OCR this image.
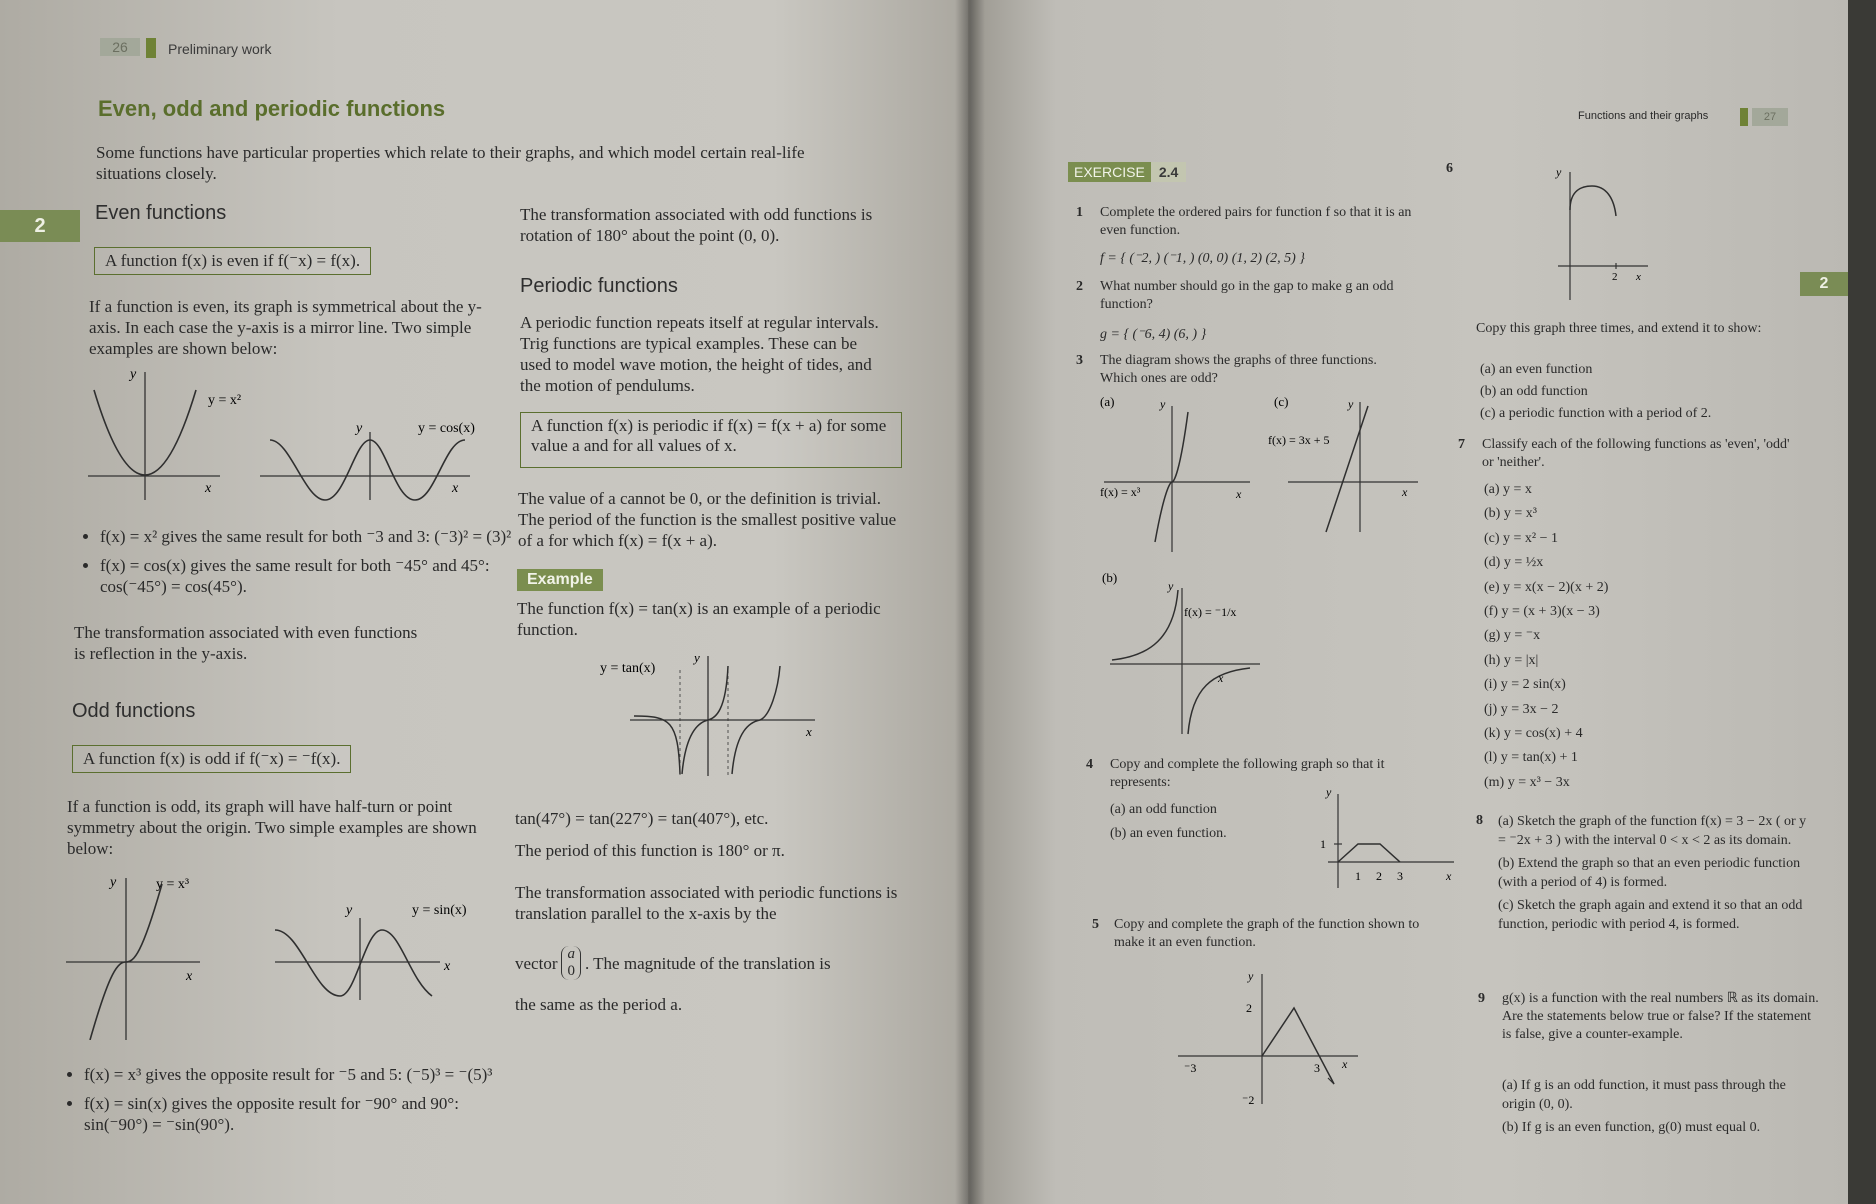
26	Preliminary work
Even, odd and periodic functions
Some functions have particular properties which relate to their graphs, and which model certain real-life situations closely.
2
Even functions
A function f(x) is even if f(⁻x) = f(x).
If a function is even, its graph is symmetrical about the y-axis. In each case the y-axis is a mirror line. Two simple examples are shown below:
y
x
y = x²
y
x
y = cos(x)
• f(x) = x² gives the same result for both ⁻3 and 3: (⁻3)² = (3)²
• f(x) = cos(x) gives the same result for both ⁻45° and 45°: cos(⁻45°) = cos(45°).
The transformation associated with even functions is reflection in the y-axis.
Odd functions
A function f(x) is odd if f(⁻x) = ⁻f(x).
If a function is odd, its graph will have half-turn or point symmetry about the origin. Two simple examples are shown below:
y
x
y = x³
y
x
y = sin(x)
• f(x) = x³ gives the opposite result for ⁻5 and 5: (⁻5)³ = ⁻(5)³
• f(x) = sin(x) gives the opposite result for ⁻90° and 90°: sin(⁻90°) = ⁻sin(90°).
The transformation associated with odd functions is rotation of 180° about the point (0, 0).
Periodic functions
A periodic function repeats itself at regular intervals. Trig functions are typical examples. These can be used to model wave motion, the height of tides, and the motion of pendulums.
A function f(x) is periodic if f(x) = f(x + a) for some value a and for all values of x.
The value of a cannot be 0, or the definition is trivial. The period of the function is the smallest positive value of a for which f(x) = f(x + a).
Example
The function f(x) = tan(x) is an example of a periodic function.
y = tan(x)
y
x
tan(47°) = tan(227°) = tan(407°), etc.
The period of this function is 180° or π.
The transformation associated with periodic functions is translation parallel to the x-axis by the
vector a
0 . The magnitude of the translation is
the same as the period a.
Functions and their graphs	27
2
EXERCISE	2.4
1 Complete the ordered pairs for function f so that it is an even function.
f = { (⁻2, ) (⁻1, ) (0, 0) (1, 2) (2, 5) }
2 What number should go in the gap to make g an odd function?
g = { (⁻6, 4) (6, ) }
3 The diagram shows the graphs of three functions. Which ones are odd?
(a)	y
x
f(x) = x³
(c)	y
x
f(x) = 3x + 5
(b)
y
x
f(x) = ⁻1/x
4 Copy and complete the following graph so that it represents:
(a) an odd function
(b) an even function.
y
1
1 2 3	x
5 Copy and complete the graph of the function shown to make it an even function.
y
x
⁻3	3
2
⁻2
6	y
2 x
Copy this graph three times, and extend it to show:
(a) an even function
(b) an odd function
(c) a periodic function with a period of 2.
7 Classify each of the following functions as 'even', 'odd' or 'neither'.
(a) y = x
(b) y = x³
(c) y = x² − 1
(d) y = ½x
(e) y = x(x − 2)(x + 2)
(f) y = (x + 3)(x − 3)
(g) y = ⁻x
(h) y = |x|
(i) y = 2 sin(x)
(j) y = 3x − 2
(k) y = cos(x) + 4
(l) y = tan(x) + 1
(m) y = x³ − 3x
8 (a) Sketch the graph of the function f(x) = 3 − 2x ( or y = ⁻2x + 3 ) with the interval 0 < x < 2 as its domain.
(b) Extend the graph so that an even periodic function (with a period of 4) is formed.
(c) Sketch the graph again and extend it so that an odd function, periodic with period 4, is formed.
9 g(x) is a function with the real numbers ℝ as its domain. Are the statements below true or false? If the statement is false, give a counter-example.
(a) If g is an odd function, it must pass through the origin (0, 0).
(b) If g is an even function, g(0) must equal 0.
